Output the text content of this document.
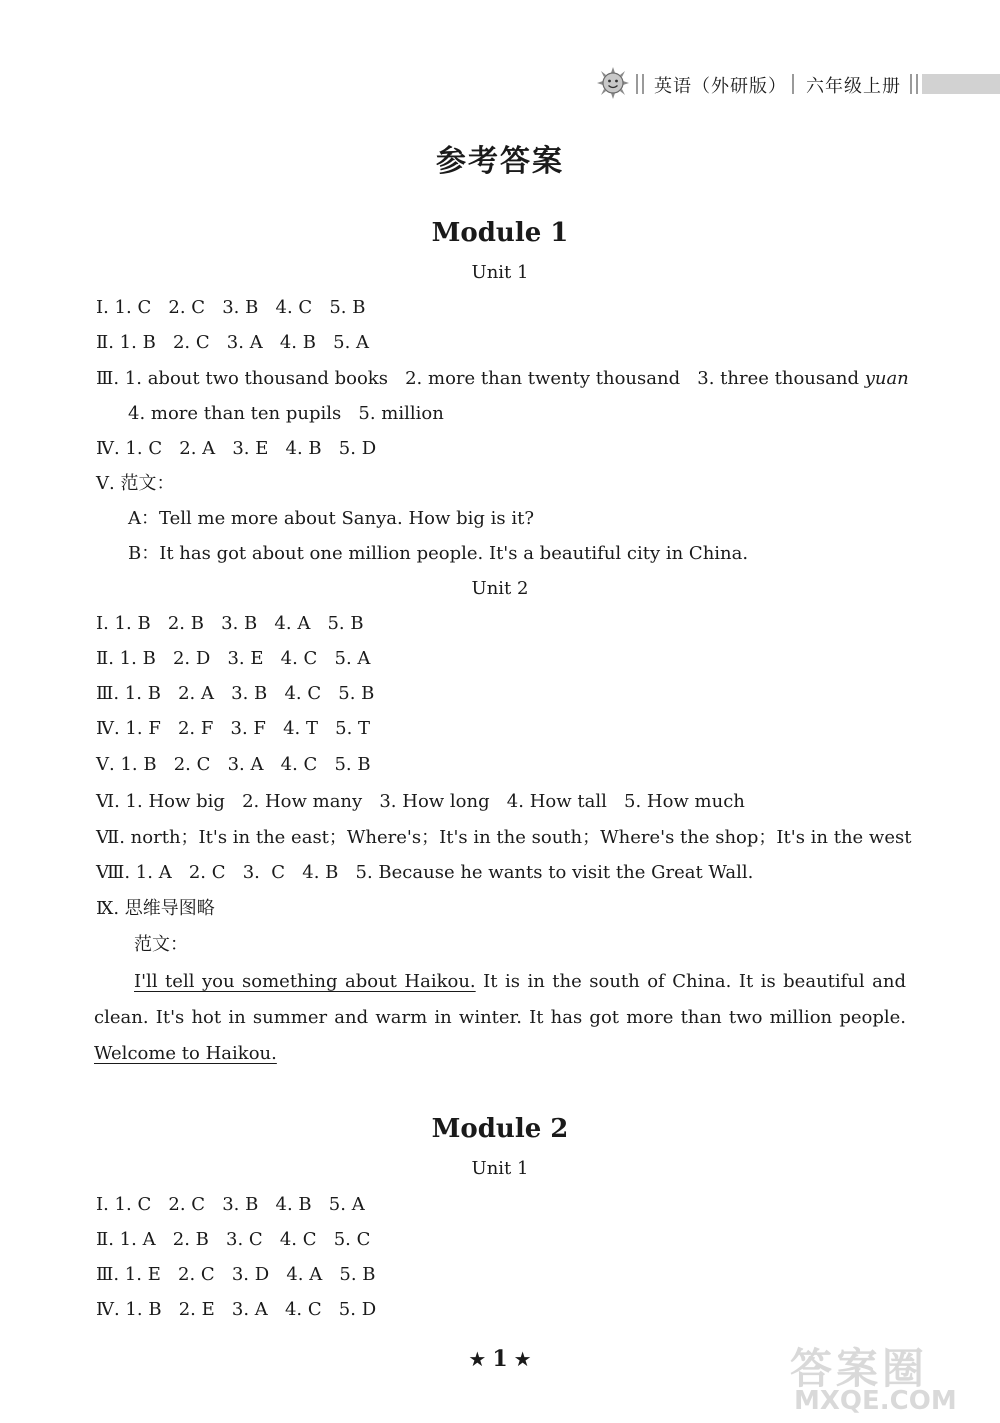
英语（外研版） 六年级上册
参考答案
Module 1
Unit 1
Ⅰ. 1. C   2. C   3. B   4. C   5. B
Ⅱ. 1. B   2. C   3. A   4. B   5. A
Ⅲ. 1. about two thousand books   2. more than twenty thousand   3. three thousand yuan
4. more than ten pupils   5. million
Ⅳ. 1. C   2. A   3. E   4. B   5. D
Ⅴ. 范文：
A：Tell me more about Sanya. How big is it?
B：It has got about one million people. It's a beautiful city in China.
Unit 2
Ⅰ. 1. B   2. B   3. B   4. A   5. B
Ⅱ. 1. B   2. D   3. E   4. C   5. A
Ⅲ. 1. B   2. A   3. B   4. C   5. B
Ⅳ. 1. F   2. F   3. F   4. T   5. T
Ⅴ. 1. B   2. C   3. A   4. C   5. B
Ⅵ. 1. How big   2. How many   3. How long   4. How tall   5. How much
Ⅶ. north；It's in the east；Where's；It's in the south；Where's the shop；It's in the west
Ⅷ. 1. A   2. C   3.  C   4. B   5. Because he wants to visit the Great Wall.
Ⅸ. 思维导图略
范文：
I'll tell you something about Haikou. It is in the south of China. It is beautiful and clean. It's hot in summer and warm in winter. It has got more than two million people. Welcome to Haikou.
Module 2
Unit 1
Ⅰ. 1. C   2. C   3. B   4. B   5. A
Ⅱ. 1. A   2. B   3. C   4. C   5. C
Ⅲ. 1. E   2. C   3. D   4. A   5. B
Ⅳ. 1. B   2. E   3. A   4. C   5. D
★ 1 ★	答案圈
MXQE.COM
